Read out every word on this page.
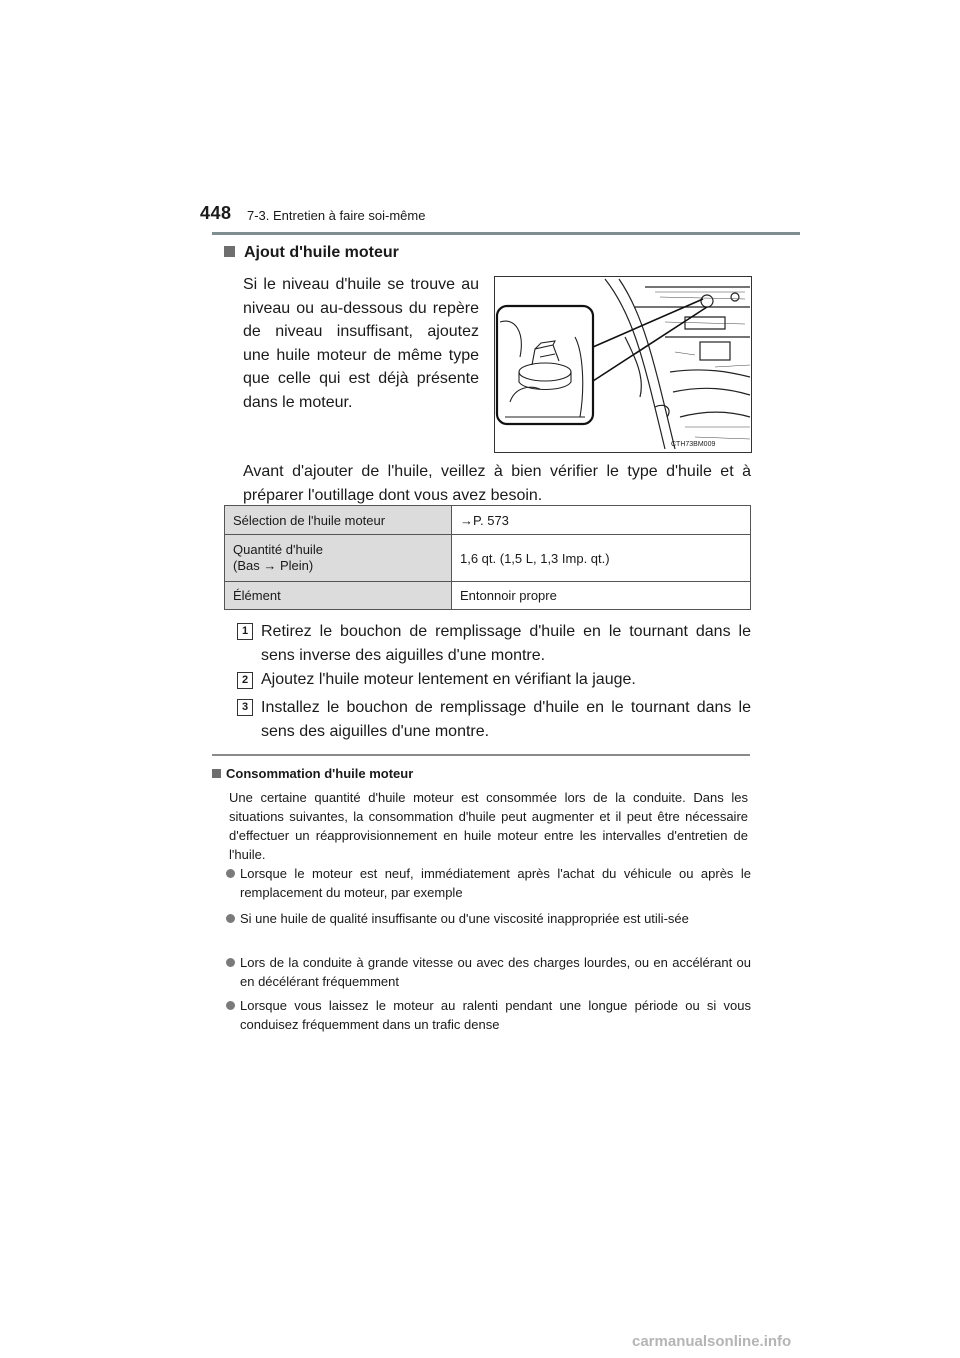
448 7-3. Entretien à faire soi-même
Ajout d'huile moteur
Si le niveau d'huile se trouve au niveau ou au-dessous du repère de niveau insuffisant, ajoutez une huile moteur de même type que celle qui est déjà présente dans le moteur.
CTH73BM009
Avant d'ajouter de l'huile, veillez à bien vérifier le type d'huile et à préparer l'outillage dont vous avez besoin.
Sélection de l'huile moteur	→P. 573
Quantité d'huile
(Bas → Plein)	1,6 qt. (1,5 L, 1,3 Imp. qt.)
Élément	Entonnoir propre
1 Retirez le bouchon de remplissage d'huile en le tournant dans le sens inverse des aiguilles d'une montre.
2 Ajoutez l'huile moteur lentement en vérifiant la jauge.
3 Installez le bouchon de remplissage d'huile en le tournant dans le sens des aiguilles d'une montre.
Consommation d'huile moteur
Une certaine quantité d'huile moteur est consommée lors de la conduite. Dans les situations suivantes, la consommation d'huile peut augmenter et il peut être nécessaire d'effectuer un réapprovisionnement en huile moteur entre les intervalles d'entretien de l'huile.
Lorsque le moteur est neuf, immédiatement après l'achat du véhicule ou après le remplacement du moteur, par exemple
Si une huile de qualité insuffisante ou d'une viscosité inappropriée est utili-sée
Lors de la conduite à grande vitesse ou avec des charges lourdes, ou en accélérant ou en décélérant fréquemment
Lorsque vous laissez le moteur au ralenti pendant une longue période ou si vous conduisez fréquemment dans un trafic dense
carmanualsonline.info
